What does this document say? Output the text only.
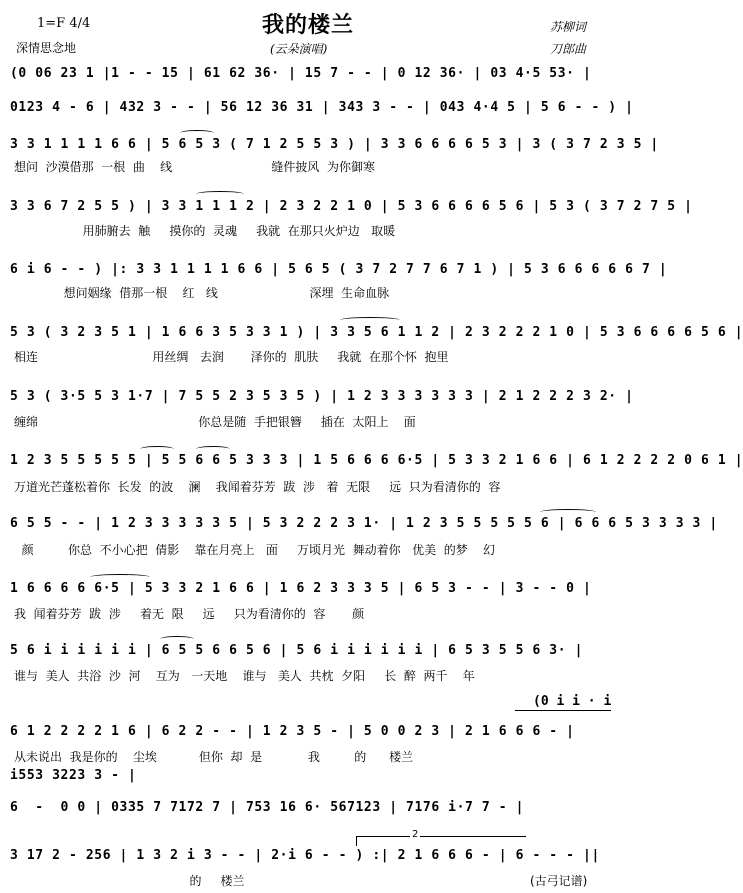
1=F 4/4
深情思念地
我的楼兰
(云朵演唱)
苏柳词
刀郎曲
(0 06 23 1 |1 - - 15 | 61 62 36· | 15 7 - - | 0 12 36· | 03 4·5 53· |
0123 4 - 6 | 432 3 - - | 56 12 36 31 | 343 3 - - | 043 4·4 5 | 5 6 - - ) |
3 3 1 1 1 1 6 6 | 5 6 5 3 ( 7 1 2 5 5 3 ) | 3 3 6 6 6 6 5 3 | 3 ( 3 7 2 3 5 |
想问  沙漠借那  一根  曲    线                          缝件披风  为你御寒
3 3 6 7 2 5 5 ) | 3 3 1 1 1 2 | 2 3 2 2 1 0 | 5 3 6 6 6 6 5 6 | 5 3 ( 3 7 2 7 5 |
用肺腑去  触     摸你的  灵魂     我就  在那只火炉边   取暖
6 i 6 - - ) |: 3 3 1 1 1 1 6 6 | 5 6 5 ( 3 7 2 7 7 6 7 1 ) | 5 3 6 6 6 6 6 7 |
想问姻缘  借那一根    红   线                        深埋  生命血脉
5 3 ( 3 2 3 5 1 | 1 6 6 3 5 3 3 1 ) | 3 3 5 6 1 1 2 | 2 3 2 2 2 1 0 | 5 3 6 6 6 6 5 6 |
相连                              用丝绸   去润       泽你的  肌肤     我就  在那个怀  抱里
5 3 ( 3·5 5 3 1·7 | 7 5 5 2 3 5 3 5 ) | 1 2 3 3 3 3 3 3 | 2 1 2 2 2 3 2· |
缠绵                                          你总是随  手把银簪     插在  太阳上    面
1 2 3 5 5 5 5 5 | 5 5 6 6 5 3 3 3 | 1 5 6 6 6 6·5 | 5 3 3 2 1 6 6 | 6 1 2 2 2 2 0 6 1 |
万道光芒蓬松着你  长发  的波    澜    我闻着芬芳  跋  涉   着  无限     远  只为看清你的  容
6 5 5 - - | 1 2 3 3 3 3 3 5 | 5 3 2 2 2 3 1· | 1 2 3 5 5 5 5 5 6 | 6 6 6 5 3 3 3 3 |
颜         你总  不小心把  倩影    靠在月亮上   面     万顷月光  舞动着你   优美  的梦    幻
1 6 6 6 6 6·5 | 5 3 3 2 1 6 6 | 1 6 2 3 3 3 5 | 6 5 3 - - | 3 - - 0 |
我  闻着芬芳  跋  涉     着无  限     远     只为看清你的  容       颜
5 6 i i i i i i | 6 5 5 6 6 5 6 | 5 6 i i i i i i | 6 5 3 5 5 6 3· |
谁与  美人  共浴  沙  河    互为   一天地    谁与   美人  共枕  夕阳     长  醉  两千    年
(0 i i · i
6 1 2 2 2 2 1 6 | 6 2 2 - - | 1 2 3 5 - | 5 0 0 2 3 | 2 1 6 6 6 - |
从未说出  我是你的    尘埃           但你  却  是            我         的      楼兰
i553 3223 3 - |
6  -  0 0 | 0335 7 7172 7 | 753 16 6· 567123 | 7176 i·7 7 - |
2
3 17 2 - 256 | 1 3 2 i 3 - - | 2·i 6 - - ) :| 2 1 6 6 6 - | 6 - - - ||
的     楼兰	(古弓记谱)
